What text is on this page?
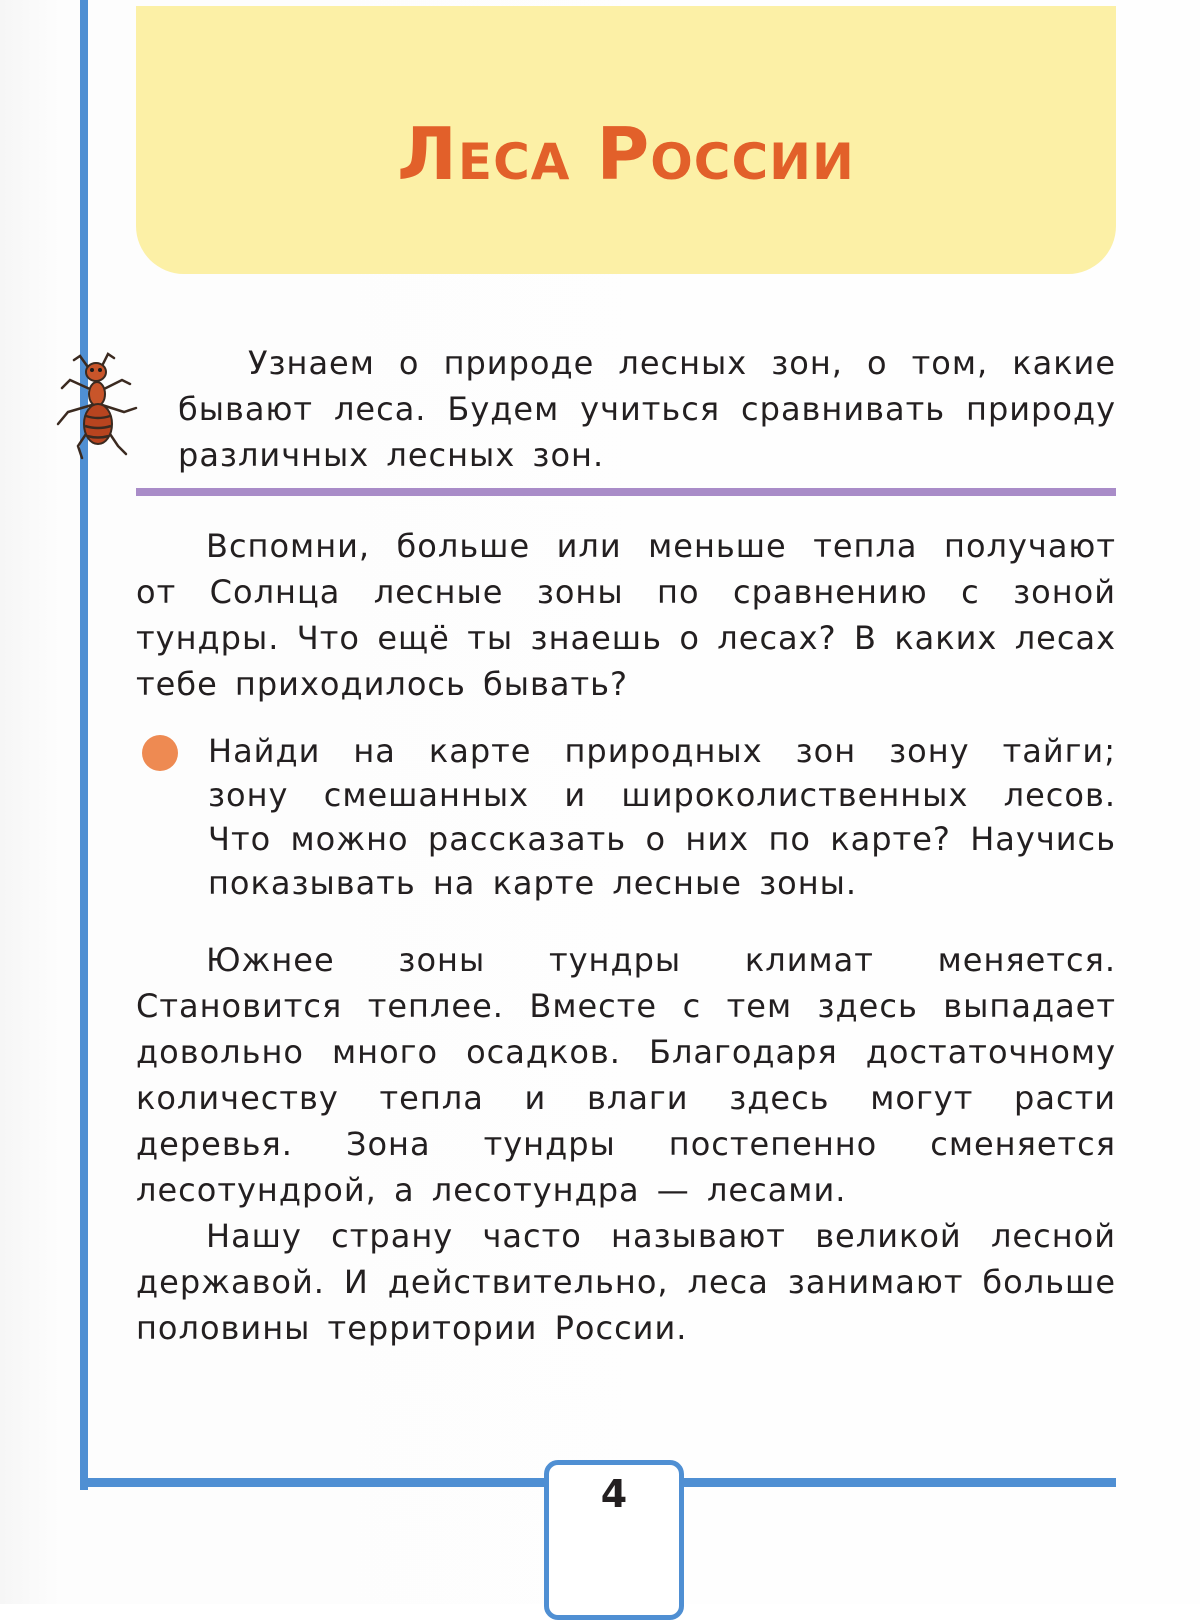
Леса России

Узнаем о природе лесных зон, о том, какие бывают леса. Будем учиться сравнивать природу различных лесных зон.

Вспомни, больше или меньше тепла получают от Солнца лесные зоны по сравнению с зоной тундры. Что ещё ты знаешь о лесах? В каких лесах тебе приходилось бывать?

Найди на карте природных зон зону тайги; зону смешанных и широколиственных лесов. Что можно рассказать о них по карте? Научись показывать на карте лесные зоны.

Южнее зоны тундры климат меняется. Становится теплее. Вместе с тем здесь выпадает довольно много осадков. Благодаря достаточному количеству тепла и влаги здесь могут расти деревья. Зона тундры постепенно сменяется лесотундрой, а лесотундра — лесами.

Нашу страну часто называют великой лесной державой. И действительно, леса занимают больше половины территории России.

4
